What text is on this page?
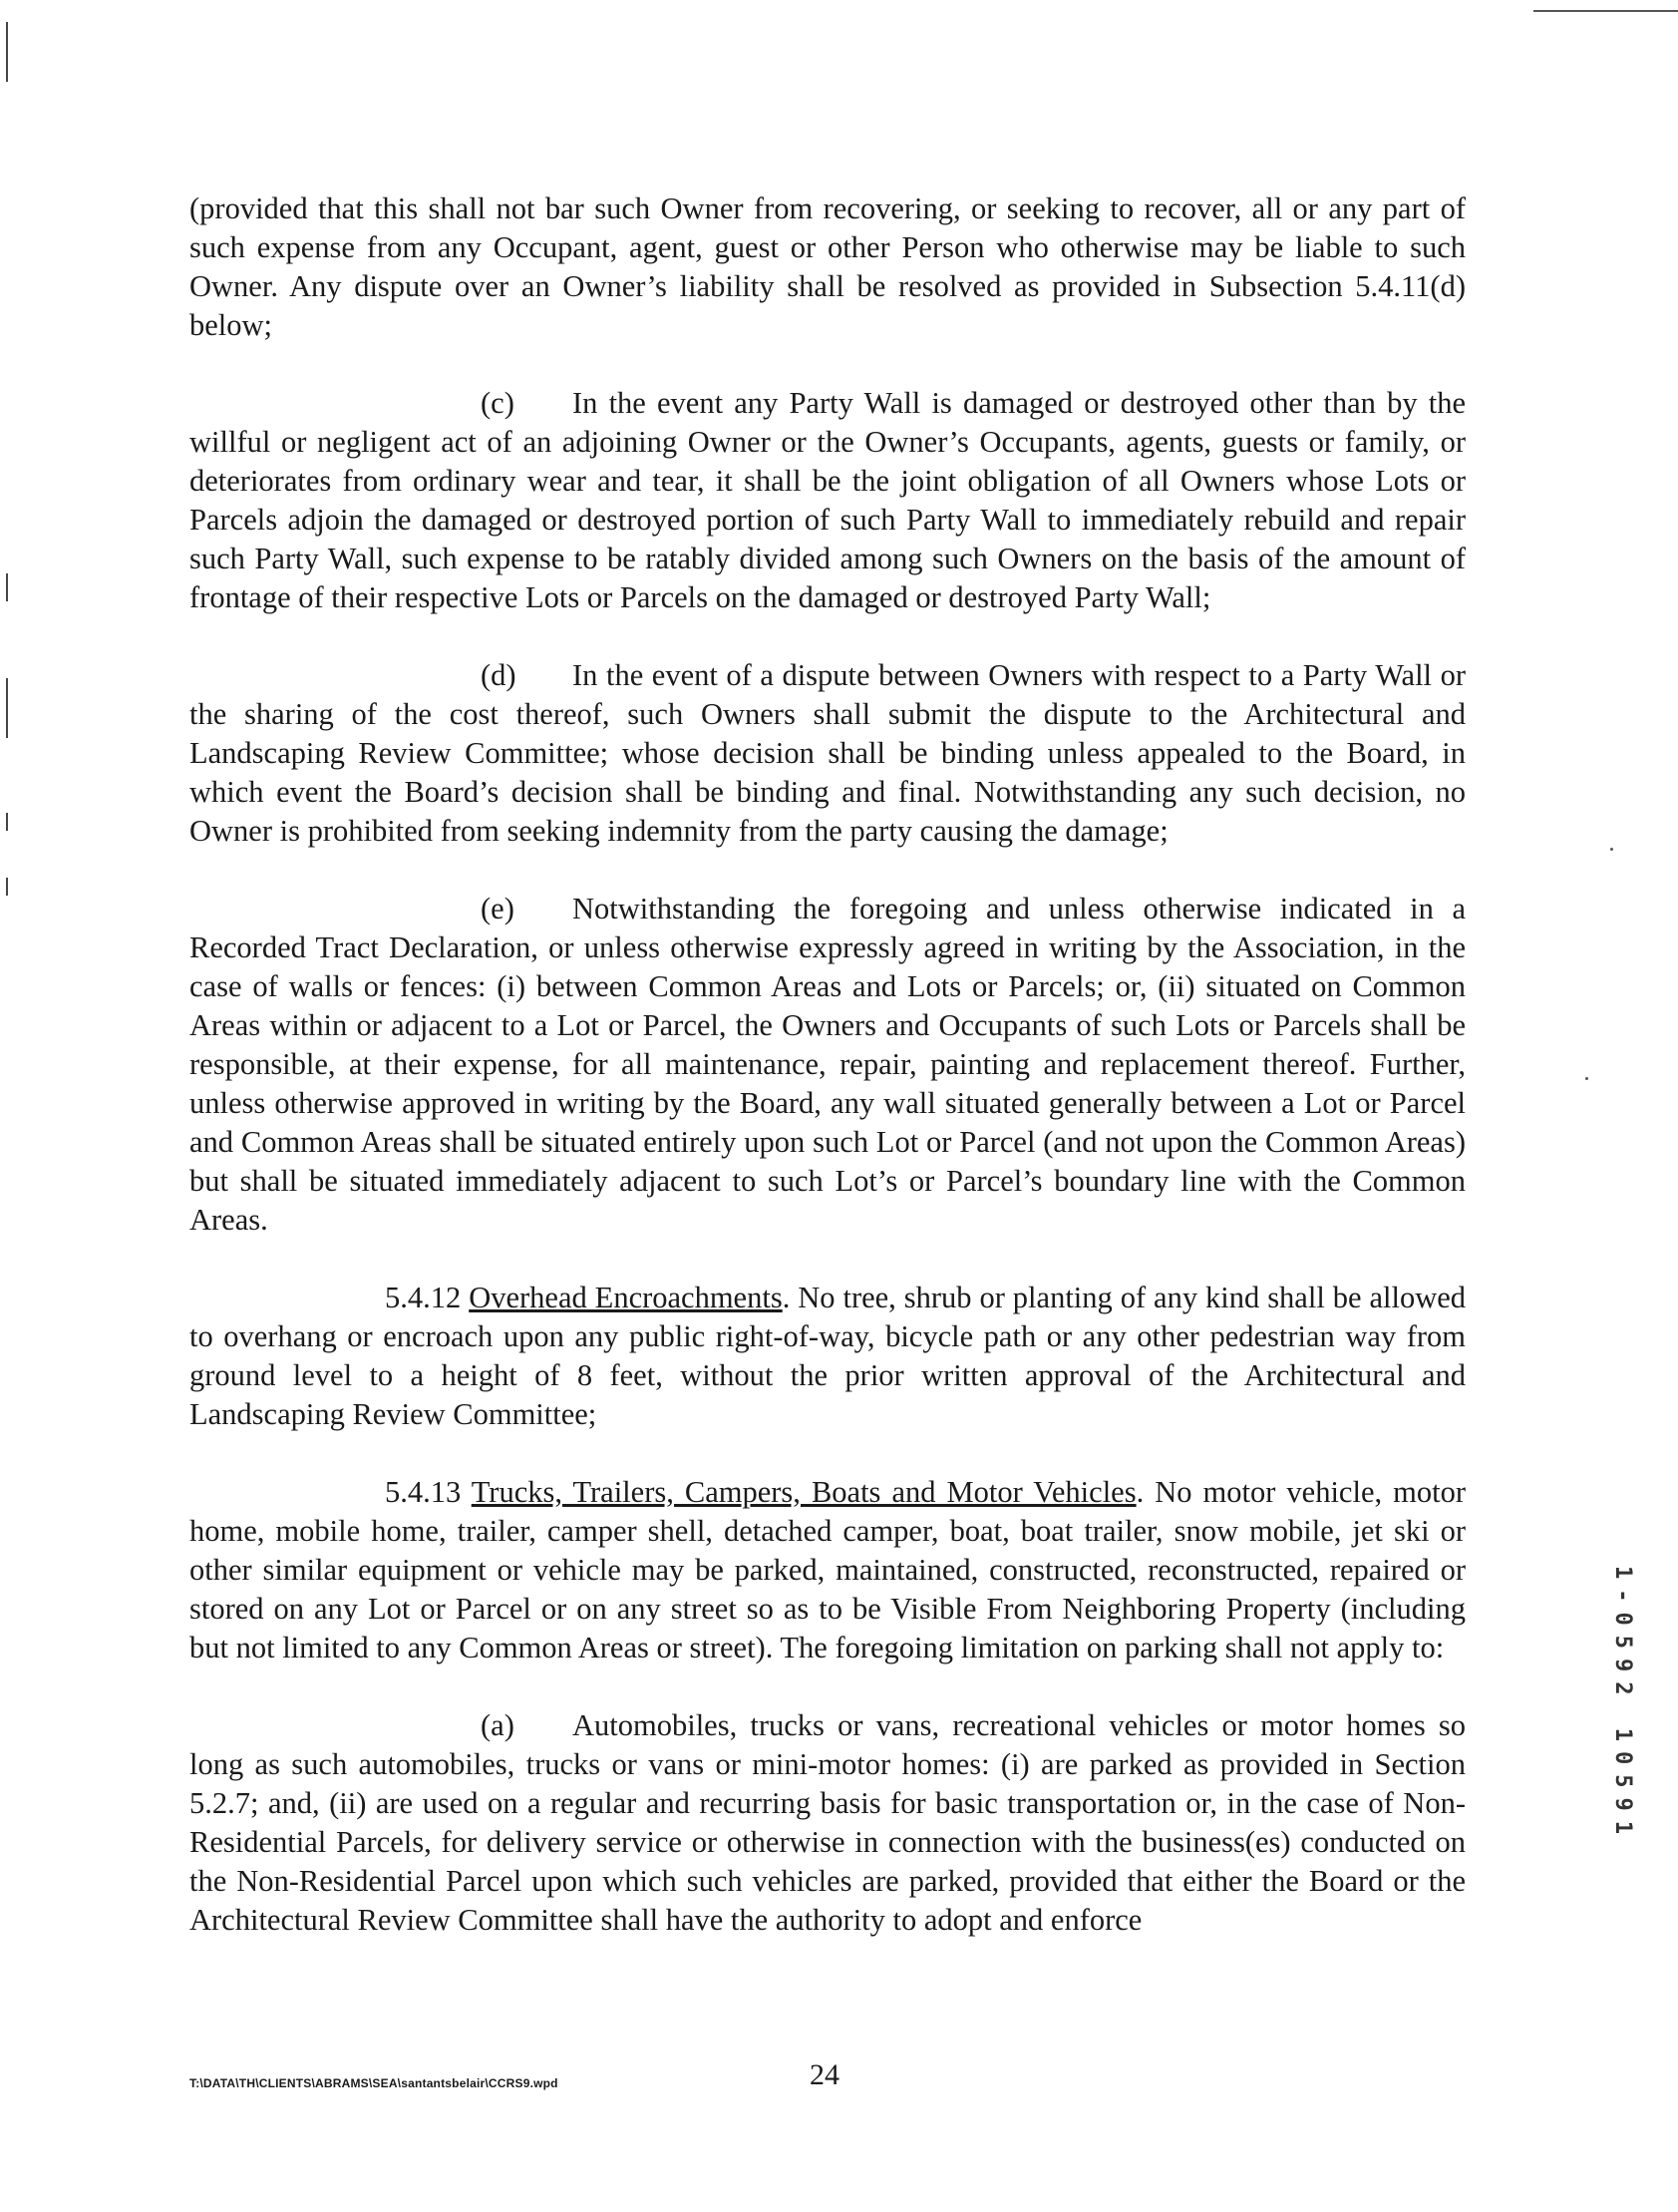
(provided that this shall not bar such Owner from recovering, or seeking to recover, all or any part of such expense from any Occupant, agent, guest or other Person who otherwise may be liable to such Owner. Any dispute over an Owner’s liability shall be resolved as provided in Subsection 5.4.11(d) below;

(c) In the event any Party Wall is damaged or destroyed other than by the willful or negligent act of an adjoining Owner or the Owner’s Occupants, agents, guests or family, or deteriorates from ordinary wear and tear, it shall be the joint obligation of all Owners whose Lots or Parcels adjoin the damaged or destroyed portion of such Party Wall to immediately rebuild and repair such Party Wall, such expense to be ratably divided among such Owners on the basis of the amount of frontage of their respective Lots or Parcels on the damaged or destroyed Party Wall;

(d) In the event of a dispute between Owners with respect to a Party Wall or the sharing of the cost thereof, such Owners shall submit the dispute to the Architectural and Landscaping Review Committee; whose decision shall be binding unless appealed to the Board, in which event the Board’s decision shall be binding and final. Notwithstanding any such decision, no Owner is prohibited from seeking indemnity from the party causing the damage;

(e) Notwithstanding the foregoing and unless otherwise indicated in a Recorded Tract Declaration, or unless otherwise expressly agreed in writing by the Association, in the case of walls or fences: (i) between Common Areas and Lots or Parcels; or, (ii) situated on Common Areas within or adjacent to a Lot or Parcel, the Owners and Occupants of such Lots or Parcels shall be responsible, at their expense, for all maintenance, repair, painting and replacement thereof. Further, unless otherwise approved in writing by the Board, any wall situated generally between a Lot or Parcel and Common Areas shall be situated entirely upon such Lot or Parcel (and not upon the Common Areas) but shall be situated immediately adjacent to such Lot’s or Parcel’s boundary line with the Common Areas.

5.4.12 Overhead Encroachments. No tree, shrub or planting of any kind shall be allowed to overhang or encroach upon any public right-of-way, bicycle path or any other pedestrian way from ground level to a height of 8 feet, without the prior written approval of the Architectural and Landscaping Review Committee;

5.4.13 Trucks, Trailers, Campers, Boats and Motor Vehicles. No motor vehicle, motor home, mobile home, trailer, camper shell, detached camper, boat, boat trailer, snow mobile, jet ski or other similar equipment or vehicle may be parked, maintained, constructed, reconstructed, repaired or stored on any Lot or Parcel or on any street so as to be Visible From Neighboring Property (including but not limited to any Common Areas or street). The foregoing limitation on parking shall not apply to:

(a) Automobiles, trucks or vans, recreational vehicles or motor homes so long as such automobiles, trucks or vans or mini-motor homes: (i) are parked as provided in Section 5.2.7; and, (ii) are used on a regular and recurring basis for basic transportation or, in the case of Non-Residential Parcels, for delivery service or otherwise in connection with the business(es) conducted on the Non-Residential Parcel upon which such vehicles are parked, provided that either the Board or the Architectural Review Committee shall have the authority to adopt and enforce

T:\DATA\TH\CLIENTS\ABRAMS\SEA\santantsbelair\CCRS9.wpd	24
1-0592 10591
